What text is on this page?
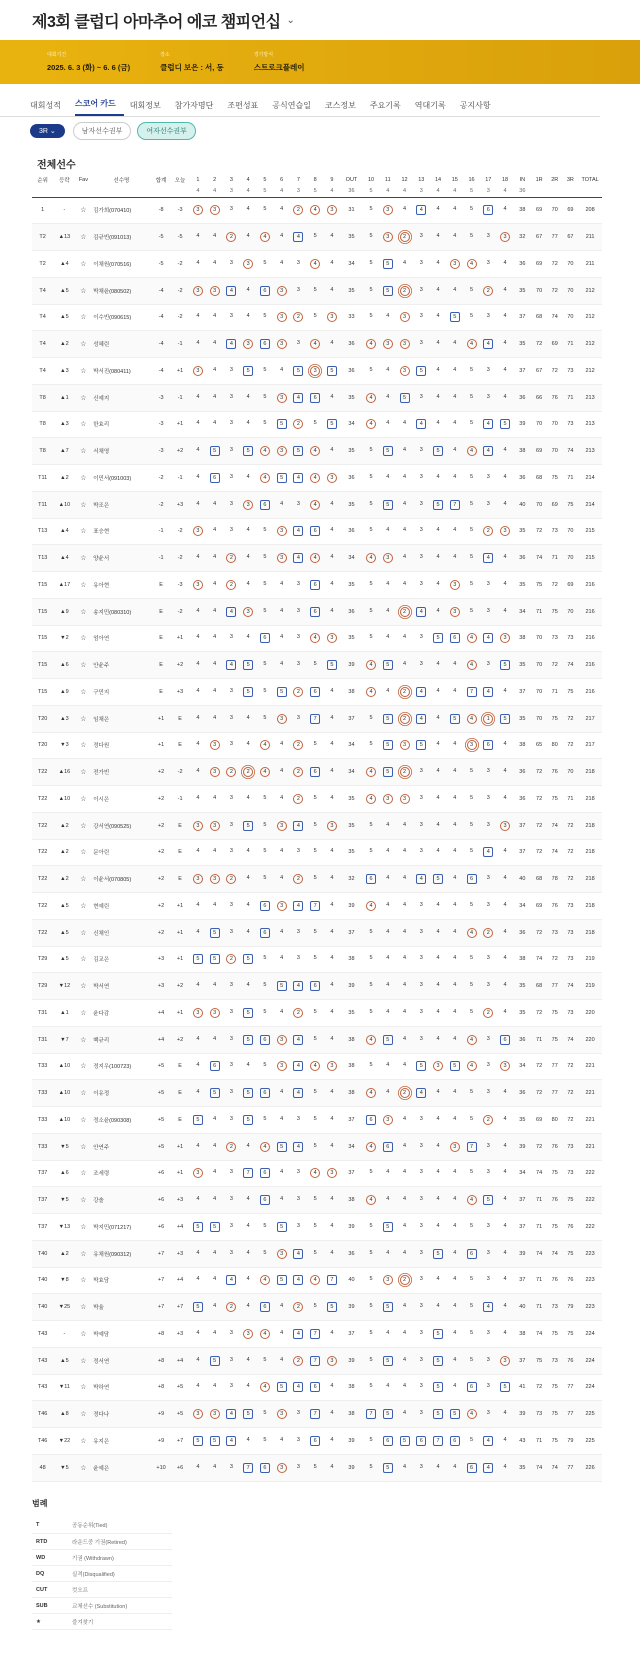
제3회 클럽디 아마추어 에코 챔피언십 ⌄
대회기간
2025. 6. 3 (화) ~ 6. 6 (금)
장소
클럽디 보은 : 서, 동
경기방식
스트로크플레이
대회성적	스코어 카드	대회정보	참가자명단	조편성표	공식연습일	코스정보	주요기록	역대기록	공지사항
3R ⌄	남자선수권부	여자선수권부
전체선수
순위	등락	Fav	선수명	합계	오늘	1	2	3	4	5	6	7	8	9	OUT	10	11	12	13	14	15	16	17	18	IN	1R	2R	3R	TOTAL
						4	4	3	4	5	4	3	5	4	36	5	4	4	3	4	4	5	3	4	36				
1	-	☆	김가희(070410)	-8	-3	3	3	3	4	5	4	2	4	3	31	5	3	4	4	4	4	5	6	4	38	69	70	69	208
T2	▲13	☆	김규빈(091013)	-5	-5	4	4	2	4	4	4	4	5	4	35	5	3	2	3	4	4	5	3	3	32	67	77	67	211
T2	▲4	☆	이채원(070516)	-5	-2	4	4	3	3	5	4	3	4	4	34	5	5	4	3	4	3	4	3	4	36	69	72	70	211
T4	▲5	☆	박채윤(080502)	-4	-2	3	3	4	4	6	3	3	5	4	35	5	5	2	3	4	4	5	2	4	35	70	72	70	212
T4	▲5	☆	이수빈(090615)	-4	-2	4	4	3	4	5	3	2	5	3	33	5	4	3	3	4	5	5	3	4	37	68	74	70	212
T4	▲2	☆	성혜린	-4	-1	4	4	4	3	6	3	3	4	4	36	4	3	3	3	4	4	4	4	4	35	72	69	71	212
T4	▲3	☆	박서진(080411)	-4	+1	3	4	3	5	5	4	5	3	5	36	5	4	3	5	4	4	5	3	4	37	67	72	73	212
T8	▲1	☆	신예지	-3	-1	4	4	3	4	5	3	4	6	4	35	4	4	5	3	4	4	5	3	4	36	66	76	71	213
T8	▲3	☆	한효리	-3	+1	4	4	3	4	5	5	2	5	5	34	4	4	4	4	4	4	5	4	5	39	70	70	73	213
T8	▲7	☆	서채영	-3	+2	4	5	3	5	4	3	5	4	4	35	5	5	4	3	5	4	4	4	4	38	69	70	74	213
T11	▲2	☆	이민서(091003)	-2	-1	4	6	3	4	4	5	4	4	3	36	5	4	4	3	4	4	5	3	4	36	68	75	71	214
T11	▲10	☆	박조은	-2	+3	4	4	3	3	6	4	3	4	4	35	5	5	4	3	5	7	5	3	4	40	70	69	75	214
T13	▲4	☆	표승현	-1	-2	3	4	3	4	5	3	4	6	4	36	5	4	4	3	4	4	5	2	3	35	72	73	70	215
T13	▲4	☆	양윤서	-1	-2	4	4	2	4	5	3	4	4	4	34	4	3	4	3	4	4	5	4	4	36	74	71	70	215
T15	▲17	☆	유아현	E	-3	3	4	2	4	5	4	3	6	4	35	5	4	4	3	4	3	5	3	4	35	75	72	69	216
T15	▲9	☆	송지민(080310)	E	-2	4	4	4	3	5	4	3	6	4	36	5	4	2	4	4	3	5	3	4	34	71	75	70	216
T15	▼2	☆	엄아연	E	+1	4	4	3	4	6	4	3	4	3	35	5	4	4	3	5	6	4	4	3	38	70	73	73	216
T15	▲6	☆	안윤주	E	+2	4	4	4	5	5	4	3	5	5	39	4	5	4	3	4	4	4	3	5	35	70	72	74	216
T15	▲9	☆	구민지	E	+3	4	4	3	5	5	5	2	6	4	38	4	4	2	4	4	4	7	4	4	37	70	71	75	216
T20	▲3	☆	임채은	+1	E	4	4	3	4	5	3	3	7	4	37	5	5	2	4	4	5	4	1	5	35	70	75	72	217
T20	▼3	☆	정다원	+1	E	4	3	3	4	4	4	2	5	4	34	5	5	3	5	4	4	3	6	4	38	65	80	72	217
T22	▲16	☆	전가빈	+2	-2	4	3	2	2	4	4	2	6	4	34	4	5	2	3	4	4	5	3	4	36	72	76	70	218
T22	▲10	☆	이시은	+2	-1	4	4	3	4	5	4	2	5	4	35	4	3	3	3	4	4	5	3	4	36	72	75	71	218
T22	▲2	☆	강서연(090525)	+2	E	3	3	3	5	5	3	4	5	3	35	5	4	4	3	4	4	5	3	3	37	72	74	72	218
T22	▲2	☆	문아린	+2	E	4	4	3	4	5	4	3	5	4	35	5	4	4	3	4	4	5	4	4	37	72	74	72	218
T22	▲2	☆	이윤서(070805)	+2	E	3	3	2	4	5	4	2	5	4	32	6	4	4	4	5	4	6	3	4	40	68	78	72	218
T22	▲5	☆	현예린	+2	+1	4	4	3	4	6	3	4	7	4	39	4	4	4	3	4	4	5	3	4	34	69	76	73	218
T22	▲5	☆	신채인	+2	+1	4	5	3	4	6	4	3	5	4	37	5	4	4	3	4	4	4	2	4	36	72	73	73	218
T29	▲5	☆	김교은	+3	+1	5	5	2	5	5	4	3	5	4	38	5	4	4	3	4	4	5	3	4	38	74	72	73	219
T29	▼12	☆	박서연	+3	+2	4	4	3	4	5	5	4	6	4	39	5	4	4	3	4	4	5	3	4	35	68	77	74	219
T31	▲1	☆	윤다감	+4	+1	3	3	3	5	5	4	2	5	4	35	5	4	4	3	4	4	5	2	4	35	72	75	73	220
T31	▼7	☆	백규리	+4	+2	4	4	3	5	6	3	4	5	4	38	4	5	4	3	4	4	4	3	6	36	71	75	74	220
T33	▲10	☆	정지우(100723)	+5	E	4	6	3	4	5	3	4	4	3	38	5	4	4	5	3	5	4	3	3	34	72	77	72	221
T33	▲10	☆	이유정	+5	E	4	5	3	5	6	4	4	5	4	38	4	4	2	4	4	4	5	3	4	36	72	77	72	221
T33	▲10	☆	정소윤(090308)	+5	E	5	4	3	5	5	4	3	5	4	37	6	3	4	3	4	4	5	2	4	35	69	80	72	221
T33	▼5	☆	안연주	+5	+1	4	4	2	4	4	5	4	5	4	34	4	6	4	3	4	3	7	3	4	39	72	76	73	221
T37	▲6	☆	조세령	+6	+1	3	4	3	7	6	4	3	4	3	37	5	4	4	3	4	4	5	3	4	34	74	75	73	222
T37	▼5	☆	강솔	+6	+3	4	4	3	4	6	4	3	5	4	38	4	4	4	3	4	4	4	5	4	37	71	76	75	222
T37	▼13	☆	박지민(071217)	+6	+4	5	5	3	4	5	5	3	5	4	39	5	5	4	3	4	4	5	3	4	37	71	75	76	222
T40	▲2	☆	유채원(090312)	+7	+3	4	4	3	4	5	3	4	5	4	36	5	4	4	3	5	4	6	3	4	39	74	74	75	223
T40	▼8	☆	박효담	+7	+4	4	4	4	4	4	5	4	4	7	40	5	3	2	3	4	4	5	3	4	37	71	76	76	223
T40	▼25	☆	박율	+7	+7	5	4	2	4	6	4	2	5	5	39	5	5	4	3	4	4	5	4	4	40	71	73	79	223
T43	-	☆	박예담	+8	+3	4	4	3	3	4	4	4	7	4	37	5	4	4	3	5	4	5	3	4	38	74	75	75	224
T43	▲5	☆	정서연	+8	+4	4	5	3	4	5	4	2	7	3	39	5	5	4	3	5	4	5	3	3	37	75	73	76	224
T43	▼11	☆	박하연	+8	+5	4	4	3	4	4	5	4	6	4	38	5	4	4	3	5	4	6	3	5	41	72	75	77	224
T46	▲8	☆	정다나	+9	+5	3	3	4	5	5	3	3	7	4	38	7	5	4	3	5	5	4	3	4	39	73	75	77	225
T46	▼22	☆	유지은	+9	+7	5	5	4	4	5	4	3	6	4	39	5	6	5	6	7	6	5	4	4	43	71	75	79	225
48	▼5	☆	윤예은	+10	+6	4	4	3	7	6	3	3	5	4	39	5	5	4	3	4	4	6	4	4	35	74	74	77	226
범례
T	공동순위(Tied)
RTD	라운드중 기권(Retired)
WD	기권 (Withdrawn)
DQ	실격(Disqualified)
CUT	컷오프
SUB	교체선수 (Substitution)
★	즐겨찾기
